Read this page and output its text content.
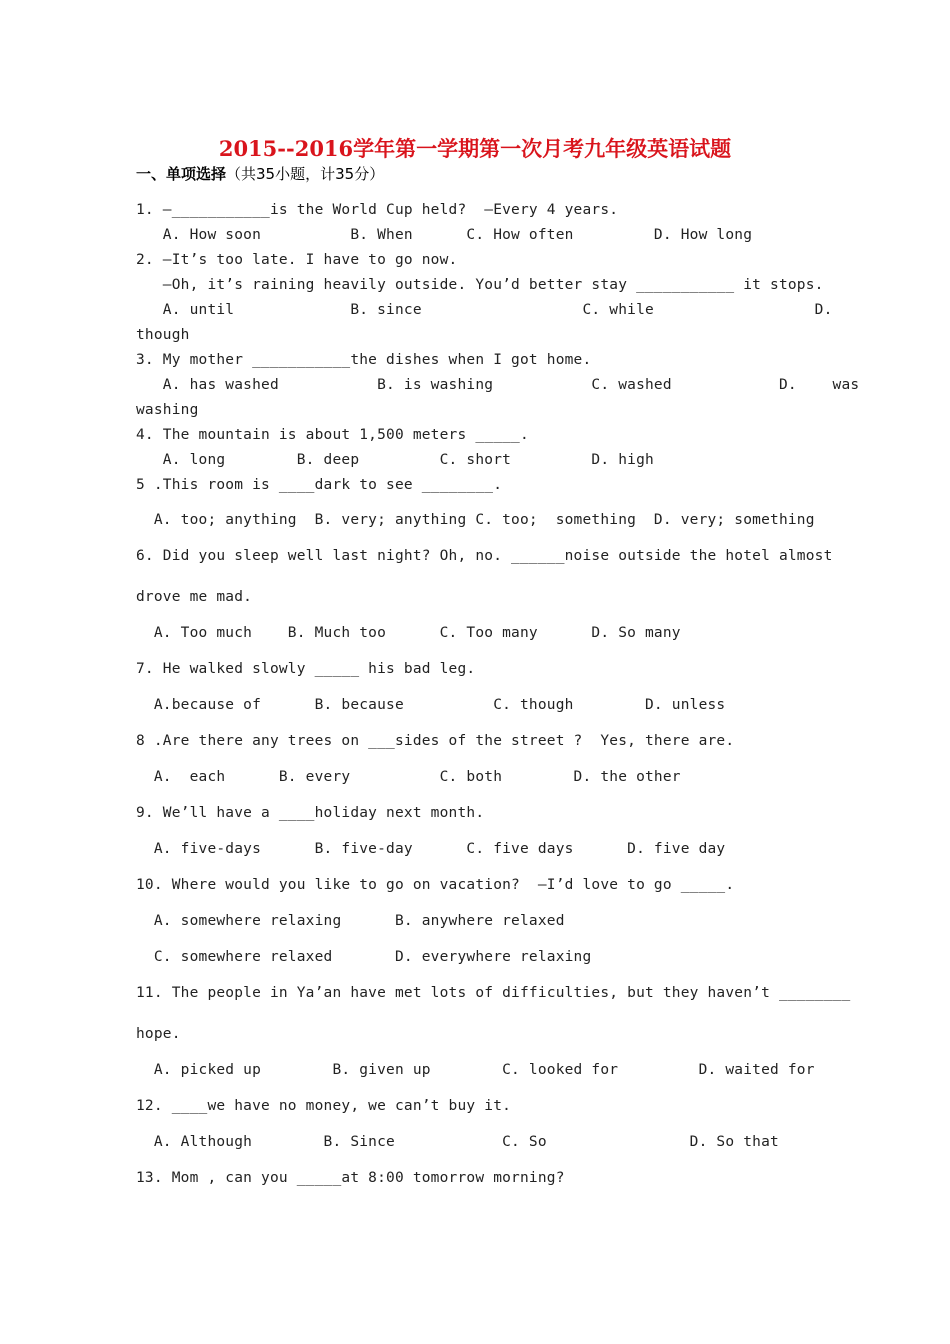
2015--2016学年第一学期第一次月考九年级英语试题
一、单项选择（共35小题，计35分）
1. —___________is the World Cup held?  —Every 4 years.
A. How soon          B. When      C. How often         D. How long
2. —It’s too late. I have to go now.
—Oh, it’s raining heavily outside. You’d better stay ___________ it stops.
A. until             B. since                  C. while                  D.
though
3. My mother ___________the dishes when I got home.
A. has washed           B. is washing           C. washed            D.    was
washing
4. The mountain is about 1,500 meters _____.
A. long        B. deep         C. short         D. high
5 .This room is ____dark to see ________.
A. too; anything  B. very; anything C. too;  something  D. very; something
6. Did you sleep well last night? Oh, no. ______noise outside the hotel almost
drove me mad.
A. Too much    B. Much too      C. Too many      D. So many
7. He walked slowly _____ his bad leg.
A.because of      B. because          C. though        D. unless
8 .Are there any trees on ___sides of the street ?  Yes, there are.
A.  each      B. every          C. both        D. the other
9. We’ll have a ____holiday next month.
A. five-days      B. five-day      C. five days      D. five day
10. Where would you like to go on vacation?  —I’d love to go _____.
A. somewhere relaxing      B. anywhere relaxed
C. somewhere relaxed       D. everywhere relaxing
11. The people in Ya’an have met lots of difficulties, but they haven’t ________
hope.
A. picked up        B. given up        C. looked for         D. waited for
12. ____we have no money, we can’t buy it.
A. Although        B. Since            C. So                D. So that
13. Mom , can you _____at 8:00 tomorrow morning?
